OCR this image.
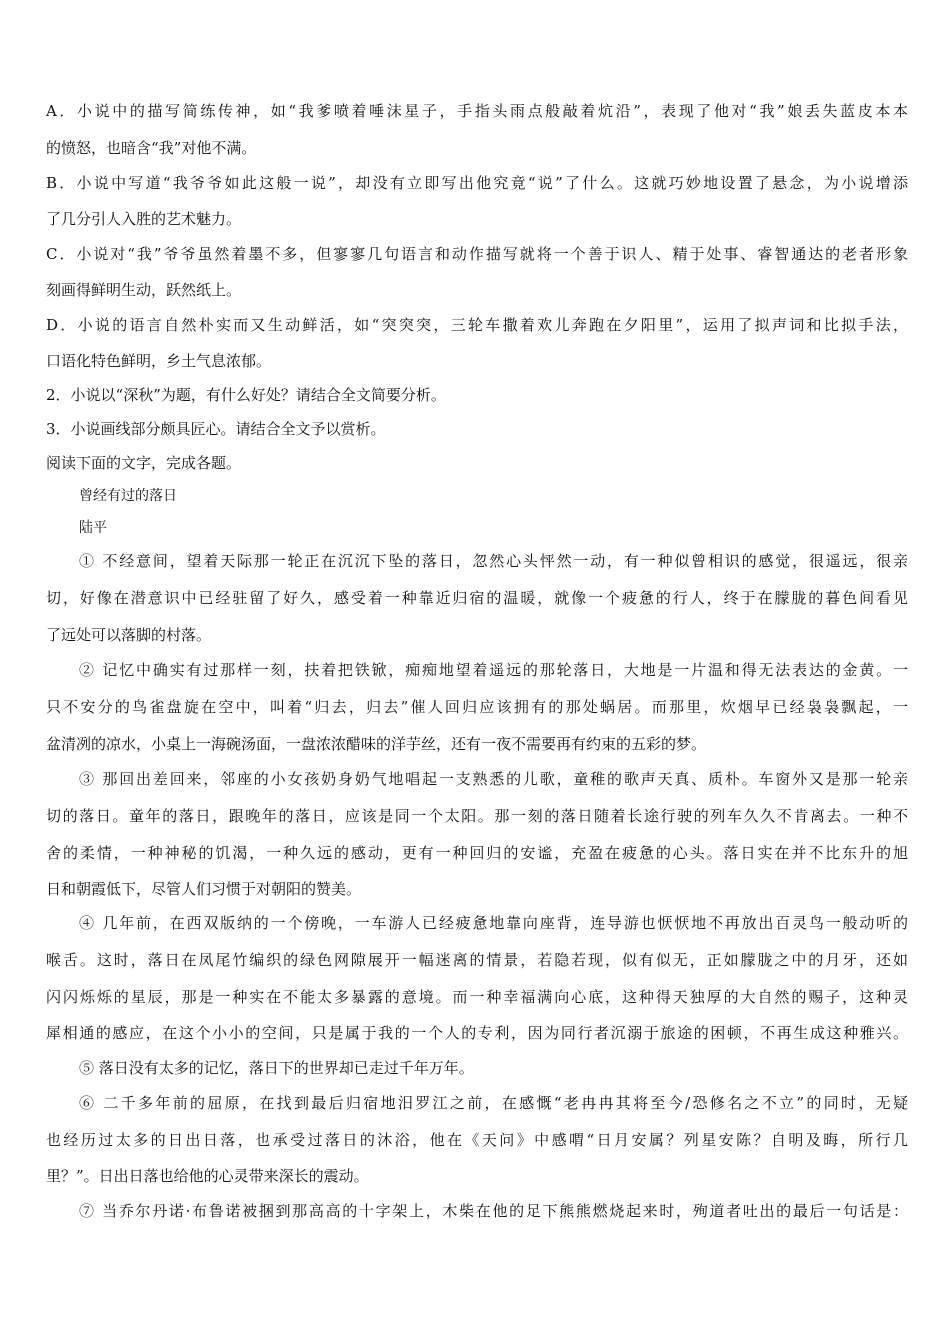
A．小说中的描写简练传神，如“我爹喷着唾沫星子，手指头雨点般敲着炕沿”，表现了他对“我”娘丢失蓝皮本本
的愤怒，也暗含“我”对他不满。
B．小说中写道“我爷爷如此这般一说”，却没有立即写出他究竟“说”了什么。这就巧妙地设置了悬念，为小说增添
了几分引人入胜的艺术魅力。
C．小说对“我”爷爷虽然着墨不多，但寥寥几句语言和动作描写就将一个善于识人、精于处事、睿智通达的老者形象
刻画得鲜明生动，跃然纸上。
D．小说的语言自然朴实而又生动鲜活，如“突突突，三轮车撒着欢儿奔跑在夕阳里”，运用了拟声词和比拟手法，
口语化特色鲜明，乡土气息浓郁。
2．小说以“深秋”为题，有什么好处？请结合全文简要分析。
3．小说画线部分颇具匠心。请结合全文予以赏析。
阅读下面的文字，完成各题。
曾经有过的落日
陆平
① 不经意间，望着天际那一轮正在沉沉下坠的落日，忽然心头怦然一动，有一种似曾相识的感觉，很遥远，很亲
切，好像在潜意识中已经驻留了好久，感受着一种靠近归宿的温暖，就像一个疲惫的行人，终于在朦胧的暮色间看见
了远处可以落脚的村落。
② 记忆中确实有过那样一刻，扶着把铁锨，痴痴地望着遥远的那轮落日，大地是一片温和得无法表达的金黄。一
只不安分的鸟雀盘旋在空中，叫着“归去，归去”催人回归应该拥有的那处蜗居。而那里，炊烟早已经袅袅飘起，一
盆清冽的凉水，小桌上一海碗汤面，一盘浓浓醋味的洋芋丝，还有一夜不需要再有约束的五彩的梦。
③ 那回出差回来，邻座的小女孩奶身奶气地唱起一支熟悉的儿歌，童稚的歌声天真、质朴。车窗外又是那一轮亲
切的落日。童年的落日，跟晚年的落日，应该是同一个太阳。那一刻的落日随着长途行驶的列车久久不肯离去。一种不
舍的柔情，一种神秘的饥渴，一种久远的感动，更有一种回归的安谧，充盈在疲惫的心头。落日实在并不比东升的旭
日和朝霞低下，尽管人们习惯于对朝阳的赞美。
④ 几年前，在西双版纳的一个傍晚，一车游人已经疲惫地靠向座背，连导游也恹恹地不再放出百灵鸟一般动听的
喉舌。这时，落日在凤尾竹编织的绿色网隙展开一幅迷离的情景，若隐若现，似有似无，正如朦胧之中的月牙，还如
闪闪烁烁的星辰，那是一种实在不能太多暴露的意境。而一种幸福满向心底，这种得天独厚的大自然的赐子，这种灵
犀相通的感应，在这个小小的空间，只是属于我的一个人的专利，因为同行者沉溺于旅途的困顿，不再生成这种雅兴。
⑤ 落日没有太多的记忆，落日下的世界却已走过千年万年。
⑥ 二千多年前的屈原，在找到最后归宿地汨罗江之前，在感慨“老冉冉其将至今/恐修名之不立”的同时，无疑
也经历过太多的日出日落，也承受过落日的沐浴，他在《天问》中感喟“日月安属？列星安陈？自明及晦，所行几
里？”。日出日落也给他的心灵带来深长的震动。
⑦ 当乔尔丹诺·布鲁诺被捆到那高高的十字架上，木柴在他的足下熊熊燃烧起来时，殉道者吐出的最后一句话是：
